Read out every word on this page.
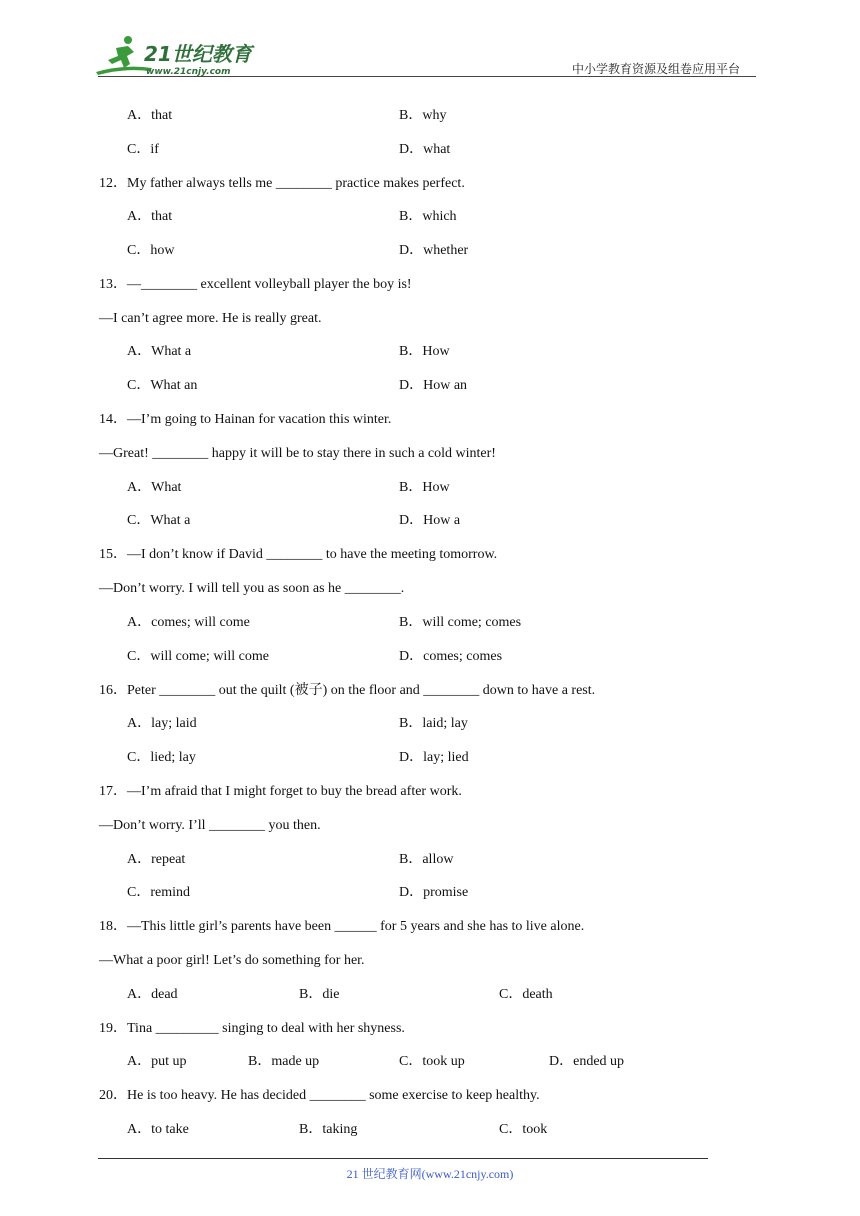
21世纪教育
www.21cnjy.com	中小学教育资源及组卷应用平台
A．that	B．why
C．if	D．what
12．My father always tells me ________ practice makes perfect.
A．that	B．which
C．how	D．whether
13．—________ excellent volleyball player the boy is!
—I can’t agree more. He is really great.
A．What a	B．How
C．What an	D．How an
14．—I’m going to Hainan for vacation this winter.
—Great! ________ happy it will be to stay there in such a cold winter!
A．What	B．How
C．What a	D．How a
15．—I don’t know if David ________ to have the meeting tomorrow.
—Don’t worry. I will tell you as soon as he ________.
A．comes; will come	B．will come; comes
C．will come; will come	D．comes; comes
16．Peter ________ out the quilt (被子) on the floor and ________ down to have a rest.
A．lay; laid	B．laid; lay
C．lied; lay	D．lay; lied
17．—I’m afraid that I might forget to buy the bread after work.
—Don’t worry. I’ll ________ you then.
A．repeat	B．allow
C．remind	D．promise
18．—This little girl’s parents have been ______ for 5 years and she has to live alone.
—What a poor girl! Let’s do something for her.
A．dead	B．die	C．death
19．Tina _________ singing to deal with her shyness.
A．put up	B．made up	C．took up	D．ended up
20．He is too heavy. He has decided ________ some exercise to keep healthy.
A．to take	B．taking	C．took
21 世纪教育网(www.21cnjy.com)
